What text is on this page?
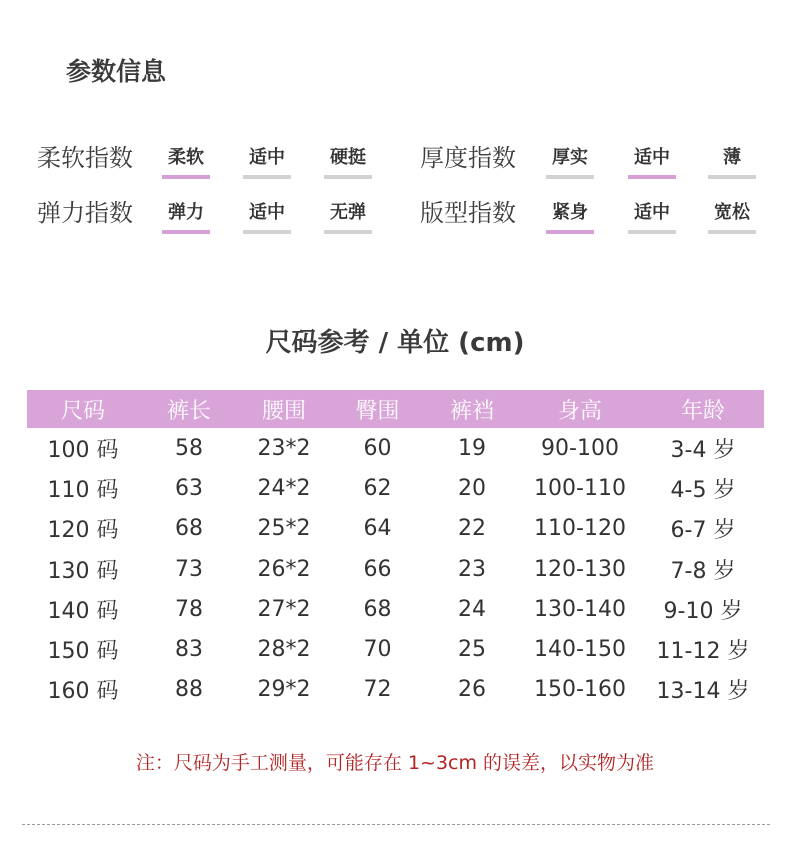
参数信息
柔软指数	柔软	适中	硬挺 厚度指数	厚实	适中	薄
弹力指数	弹力	适中	无弹 版型指数	紧身	适中	宽松
尺码参考 / 单位 (cm)
尺码	裤长	腰围	臀围	裤裆	身高	年龄
100 码	58	23*2	60	19	90-100	3-4 岁
110 码	63	24*2	62	20	100-110	4-5 岁
120 码	68	25*2	64	22	110-120	6-7 岁
130 码	73	26*2	66	23	120-130	7-8 岁
140 码	78	27*2	68	24	130-140	9-10 岁
150 码	83	28*2	70	25	140-150	11-12 岁
160 码	88	29*2	72	26	150-160	13-14 岁
注：尺码为手工测量，可能存在 1~3cm 的误差，以实物为准
